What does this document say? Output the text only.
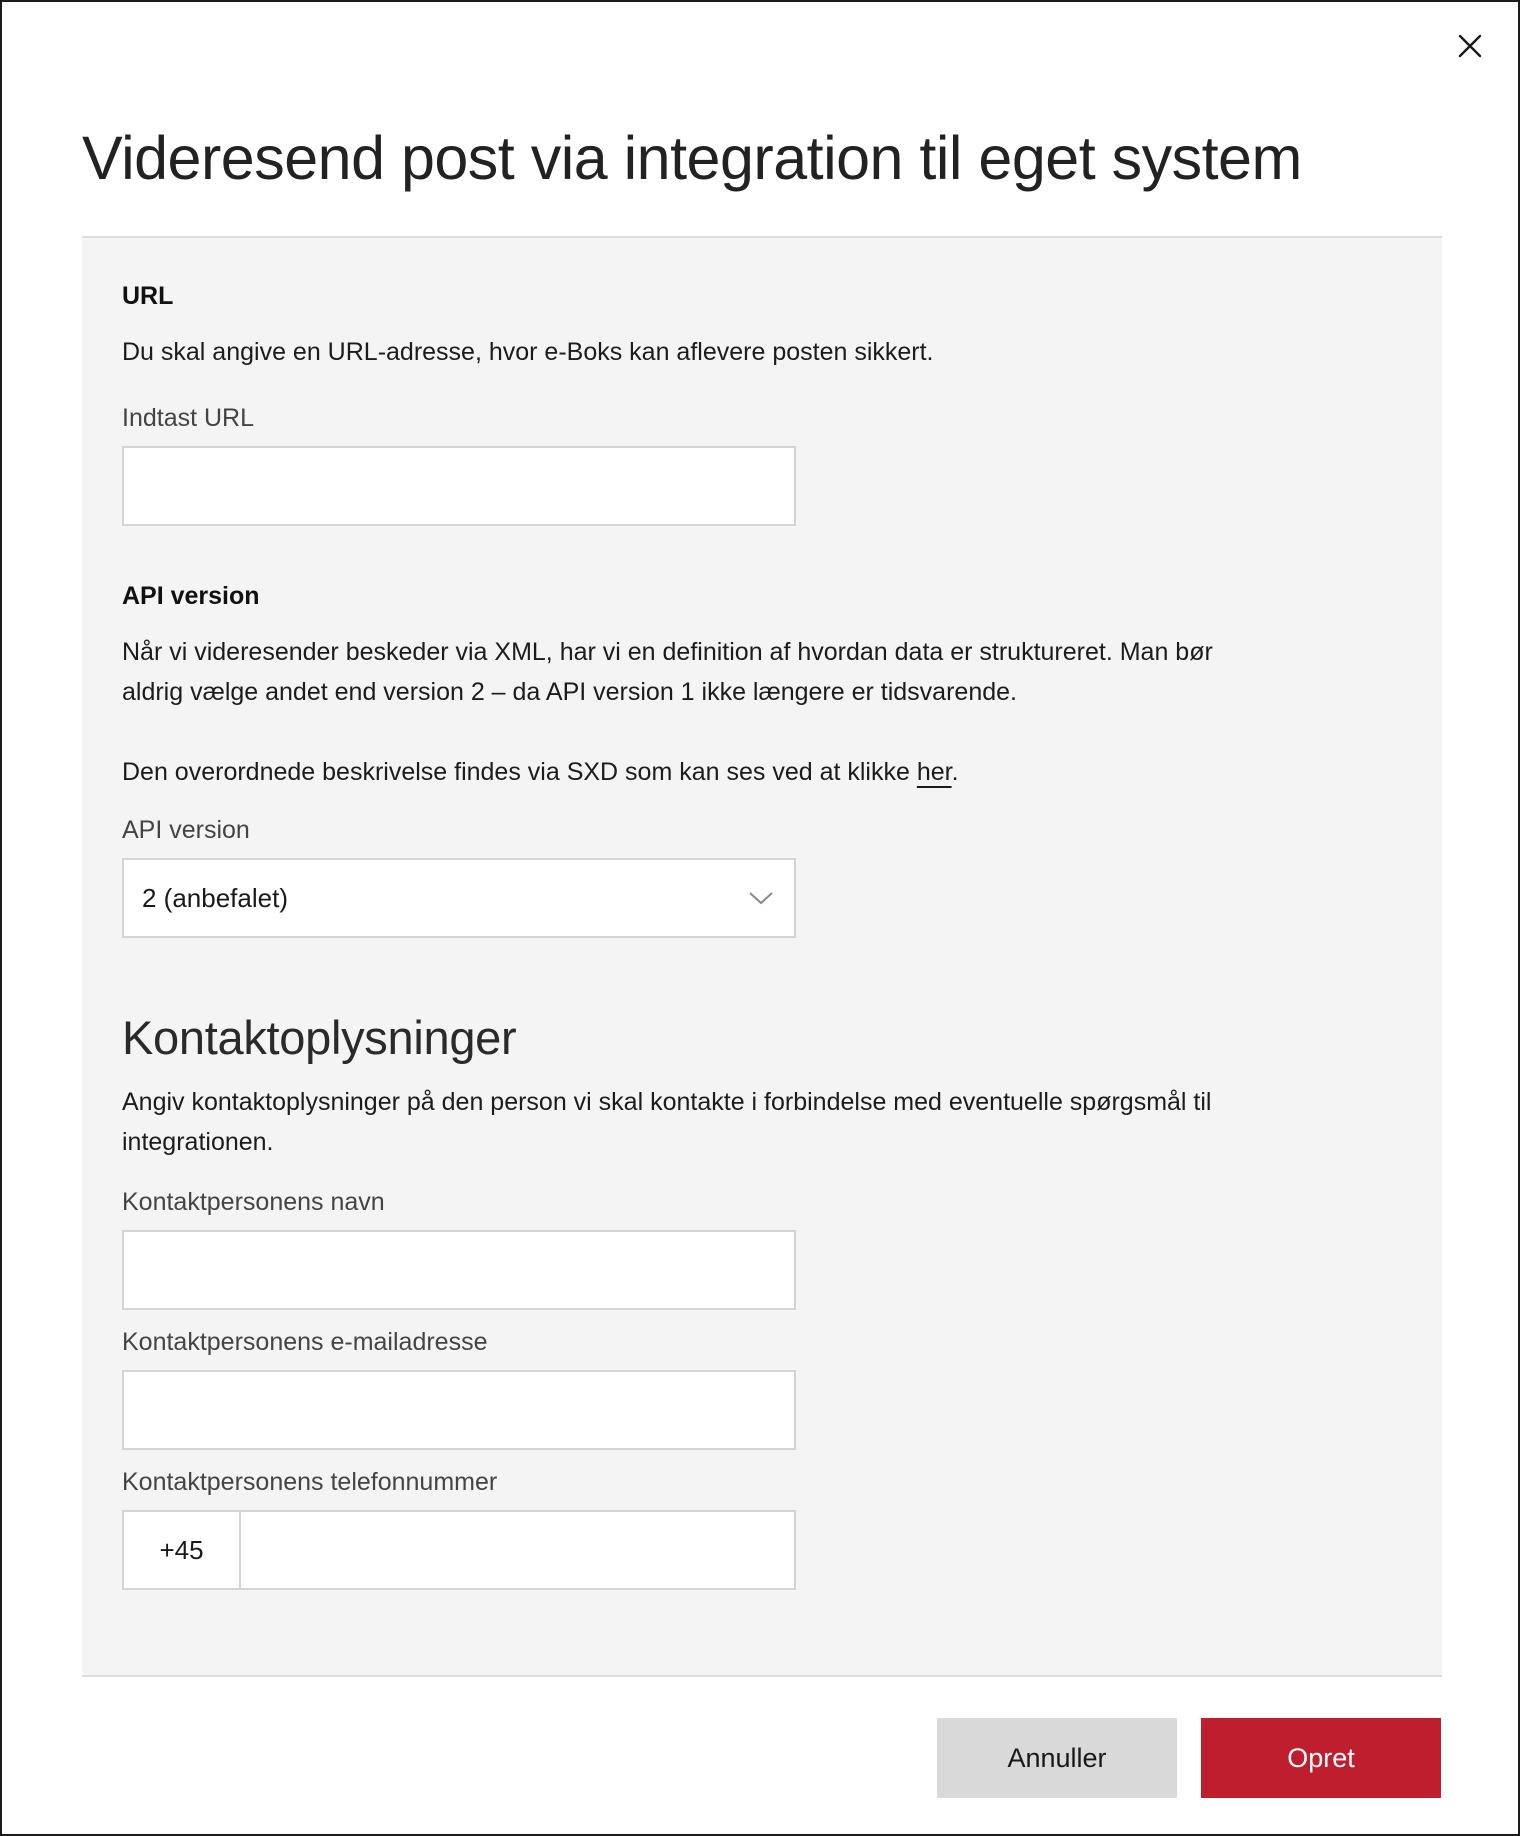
Videresend post via integration til eget system
URL
Du skal angive en URL-adresse, hvor e-Boks kan aflevere posten sikkert.
Indtast URL
API version
Når vi videresender beskeder via XML, har vi en definition af hvordan data er struktureret. Man bør
aldrig vælge andet end version 2 – da API version 1 ikke længere er tidsvarende.
Den overordnede beskrivelse findes via SXD som kan ses ved at klikke her.
API version
2 (anbefalet)
Kontaktoplysninger
Angiv kontaktoplysninger på den person vi skal kontakte i forbindelse med eventuelle spørgsmål til
integrationen.
Kontaktpersonens navn
Kontaktpersonens e-mailadresse
Kontaktpersonens telefonnummer
+45
Annuller	Opret
